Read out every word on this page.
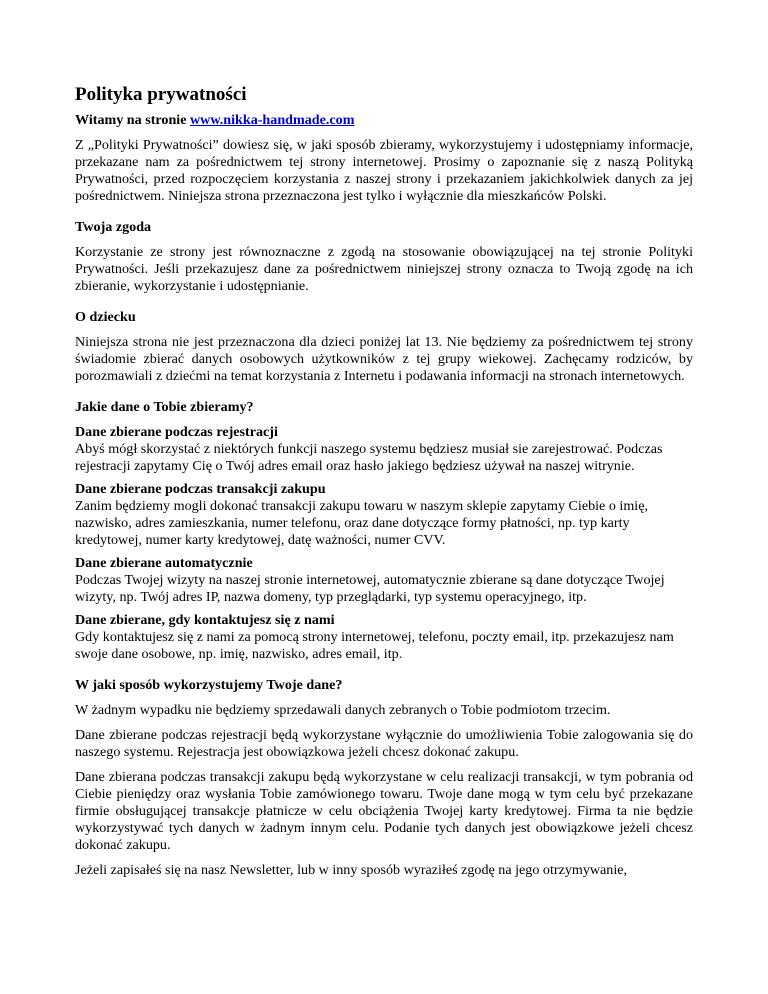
Polityka prywatności

Witamy na stronie www.nikka-handmade.com

Z „Polityki Prywatności” dowiesz się, w jaki sposób zbieramy, wykorzystujemy i udostępniamy informacje, przekazane nam za pośrednictwem tej strony internetowej. Prosimy o zapoznanie się z naszą Polityką Prywatności, przed rozpoczęciem korzystania z naszej strony i przekazaniem jakichkolwiek danych za jej pośrednictwem. Niniejsza strona przeznaczona jest tylko i wyłącznie dla mieszkańców Polski.

Twoja zgoda

Korzystanie ze strony jest równoznaczne z zgodą na stosowanie obowiązującej na tej stronie Polityki Prywatności. Jeśli przekazujesz dane za pośrednictwem niniejszej strony oznacza to Twoją zgodę na ich zbieranie, wykorzystanie i udostępnianie.

O dziecku

Niniejsza strona nie jest przeznaczona dla dzieci poniżej lat 13. Nie będziemy za pośrednictwem tej strony świadomie zbierać danych osobowych użytkowników z tej grupy wiekowej. Zachęcamy rodziców, by porozmawiali z dziećmi na temat korzystania z Internetu i podawania informacji na stronach internetowych.

Jakie dane o Tobie zbieramy?
Dane zbierane podczas rejestracji

Abyś mógł skorzystać z niektórych funkcji naszego systemu będziesz musiał sie zarejestrować. Podczas rejestracji zapytamy Cię o Twój adres email oraz hasło jakiego będziesz używał na naszej witrynie.

Dane zbierane podczas transakcji zakupu

Zanim będziemy mogli dokonać transakcji zakupu towaru w naszym sklepie zapytamy Ciebie o imię, nazwisko, adres zamieszkania, numer telefonu, oraz dane dotyczące formy płatności, np. typ karty kredytowej, numer karty kredytowej, datę ważności, numer CVV.

Dane zbierane automatycznie

Podczas Twojej wizyty na naszej stronie internetowej, automatycznie zbierane są dane dotyczące Twojej wizyty, np. Twój adres IP, nazwa domeny, typ przeglądarki, typ systemu operacyjnego, itp.

Dane zbierane, gdy kontaktujesz się z nami

Gdy kontaktujesz się z nami za pomocą strony internetowej, telefonu, poczty email, itp. przekazujesz nam swoje dane osobowe, np. imię, nazwisko, adres email, itp.

W jaki sposób wykorzystujemy Twoje dane?

W żadnym wypadku nie będziemy sprzedawali danych zebranych o Tobie podmiotom trzecim.

Dane zbierane podczas rejestracji będą wykorzystane wyłącznie do umożliwienia Tobie zalogowania się do naszego systemu. Rejestracja jest obowiązkowa jeżeli chcesz dokonać zakupu.

Dane zbierana podczas transakcji zakupu będą wykorzystane w celu realizacji transakcji, w tym pobrania od Ciebie pieniędzy oraz wysłania Tobie zamówionego towaru. Twoje dane mogą w tym celu być przekazane firmie obsługującej transakcje płatnicze w celu obciążenia Twojej karty kredytowej. Firma ta nie będzie wykorzystywać tych danych w żadnym innym celu. Podanie tych danych jest obowiązkowe jeżeli chcesz dokonać zakupu.

Jeżeli zapisałeś się na nasz Newsletter, lub w inny sposób wyraziłeś zgodę na jego otrzymywanie,
